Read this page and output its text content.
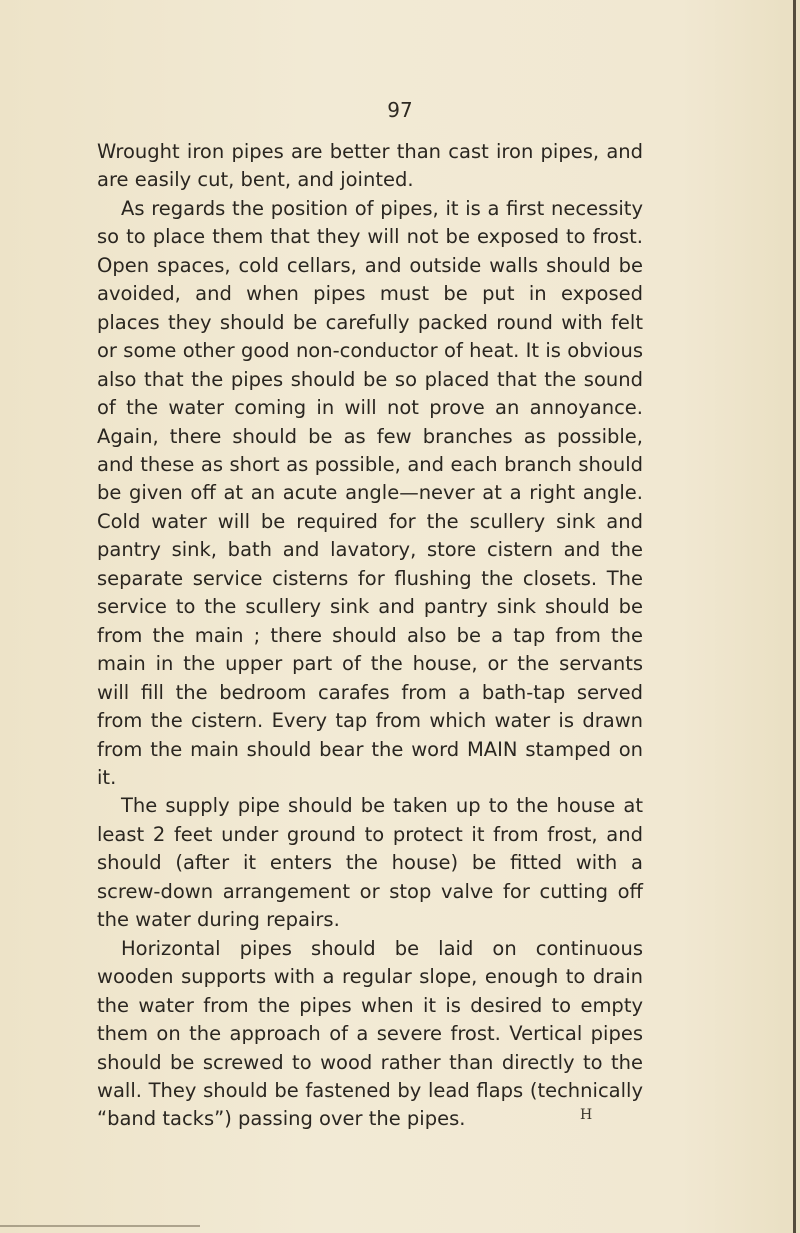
97

Wrought iron pipes are better than cast iron pipes, and are easily cut, bent, and jointed.

As regards the position of pipes, it is a first necessity so to place them that they will not be exposed to frost. Open spaces, cold cellars, and outside walls should be avoided, and when pipes must be put in exposed places they should be carefully packed round with felt or some other good non-conductor of heat. It is obvious also that the pipes should be so placed that the sound of the water coming in will not prove an annoyance. Again, there should be as few branches as possible, and these as short as possible, and each branch should be given off at an acute angle—never at a right angle. Cold water will be required for the scullery sink and pantry sink, bath and lavatory, store cistern and the separate service cisterns for flushing the closets. The service to the scullery sink and pantry sink should be from the main ; there should also be a tap from the main in the upper part of the house, or the servants will fill the bedroom carafes from a bath-tap served from the cistern. Every tap from which water is drawn from the main should bear the word MAIN stamped on it.

The supply pipe should be taken up to the house at least 2 feet under ground to protect it from frost, and should (after it enters the house) be fitted with a screw-down arrangement or stop valve for cutting off the water during repairs.

Horizontal pipes should be laid on continuous wooden supports with a regular slope, enough to drain the water from the pipes when it is desired to empty them on the approach of a severe frost. Vertical pipes should be screwed to wood rather than directly to the wall. They should be fastened by lead flaps (technically “band tacks”) passing over the pipes.	H
